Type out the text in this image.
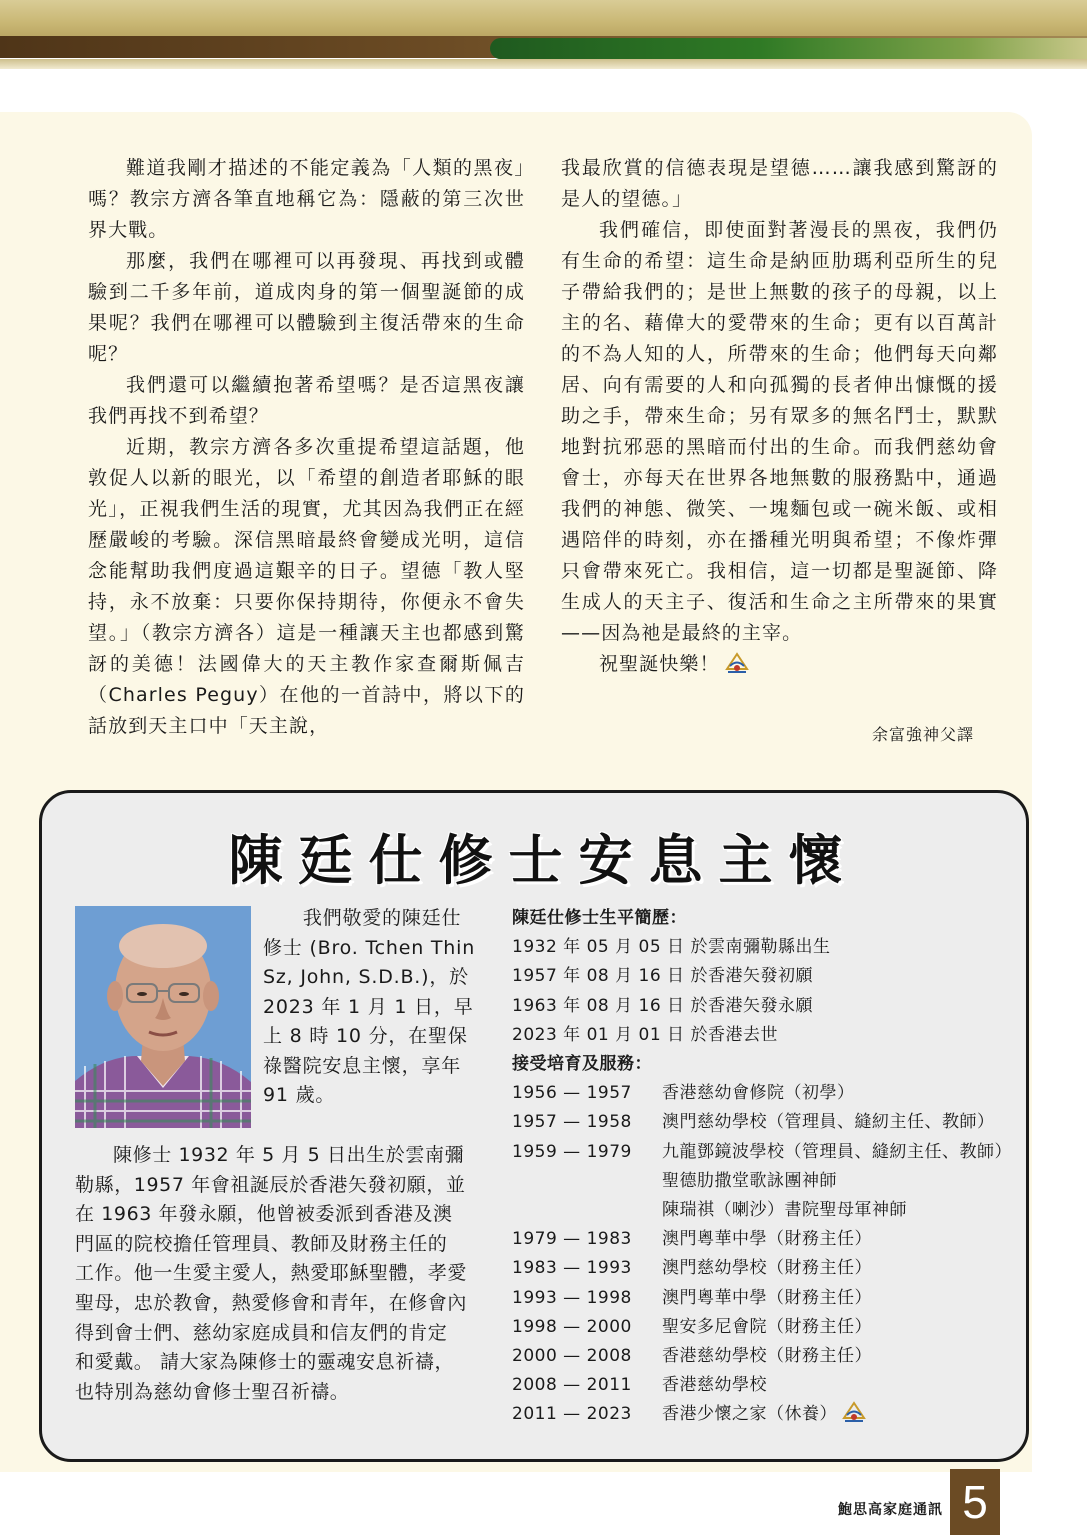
難道我剛才描述的不能定義為「人類的黑夜」嗎？教宗方濟各筆直地稱它為：隱蔽的第三次世界大戰。

那麼，我們在哪裡可以再發現、再找到或體驗到二千多年前，道成肉身的第一個聖誕節的成果呢？我們在哪裡可以體驗到主復活帶來的生命呢？

我們還可以繼續抱著希望嗎？是否這黑夜讓我們再找不到希望？

近期，教宗方濟各多次重提希望這話題，他敦促人以新的眼光，以「希望的創造者耶穌的眼光」，正視我們生活的現實，尤其因為我們正在經歷嚴峻的考驗。深信黑暗最終會變成光明，這信念能幫助我們度過這艱辛的日子。望德「教人堅持，永不放棄：只要你保持期待，你便永不會失望。」（教宗方濟各）這是一種讓天主也都感到驚訝的美德！法國偉大的天主教作家查爾斯佩吉（Charles Peguy）在他的一首詩中，將以下的話放到天主口中「天主說，

我最欣賞的信德表現是望德……讓我感到驚訝的是人的望德。」

我們確信，即使面對著漫長的黑夜，我們仍有生命的希望：這生命是納匝肋瑪利亞所生的兒子帶給我們的；是世上無數的孩子的母親，以上主的名、藉偉大的愛帶來的生命；更有以百萬計的不為人知的人，所帶來的生命；他們每天向鄰居、向有需要的人和向孤獨的長者伸出慷慨的援助之手，帶來生命；另有眾多的無名鬥士，默默地對抗邪惡的黑暗而付出的生命。而我們慈幼會會士，亦每天在世界各地無數的服務點中，通過我們的神態、微笑、一塊麵包或一碗米飯、或相遇陪伴的時刻，亦在播種光明與希望；不像炸彈只會帶來死亡。我相信，這一切都是聖誕節、降生成人的天主子、復活和生命之主所帶來的果實——因為祂是最終的主宰。

祝聖誕快樂！

余富強神父譯
陳廷仕修士安息主懷
我們敬愛的陳廷仕
修士 (Bro. Tchen Thin
Sz, John, S.D.B.)，於
2023 年 1 月 1 日，早
上 8 時 10 分，在聖保
祿醫院安息主懷，享年
91 歲。
陳修士 1932 年 5 月 5 日出生於雲南彌
勒縣，1957 年會祖誕辰於香港矢發初願，並
在 1963 年發永願，他曾被委派到香港及澳
門區的院校擔任管理員、教師及財務主任的
工作。他一生愛主愛人，熱愛耶穌聖體，孝愛
聖母，忠於教會，熱愛修會和青年，在修會內
得到會士們、慈幼家庭成員和信友們的肯定
和愛戴。 請大家為陳修士的靈魂安息祈禱，
也特別為慈幼會修士聖召祈禱。
陳廷仕修士生平簡歷：
1932 年 05 月 05 日 於雲南彌勒縣出生
1957 年 08 月 16 日 於香港矢發初願
1963 年 08 月 16 日 於香港矢發永願
2023 年 01 月 01 日 於香港去世
接受培育及服務：
1956 — 1957	香港慈幼會修院（初學）
1957 — 1958	澳門慈幼學校（管理員、縫紉主任、教師）
1959 — 1979	九龍鄧鏡波學校（管理員、縫紉主任、教師）
聖德肋撒堂歌詠團神師
陳瑞祺（喇沙）書院聖母軍神師
1979 — 1983	澳門粵華中學（財務主任）
1983 — 1993	澳門慈幼學校（財務主任）
1993 — 1998	澳門粵華中學（財務主任）
1998 — 2000	聖安多尼會院（財務主任）
2000 — 2008	香港慈幼學校（財務主任）
2008 — 2011	香港慈幼學校
2011 — 2023	香港少懷之家（休養）
鮑思高家庭通訊 5
